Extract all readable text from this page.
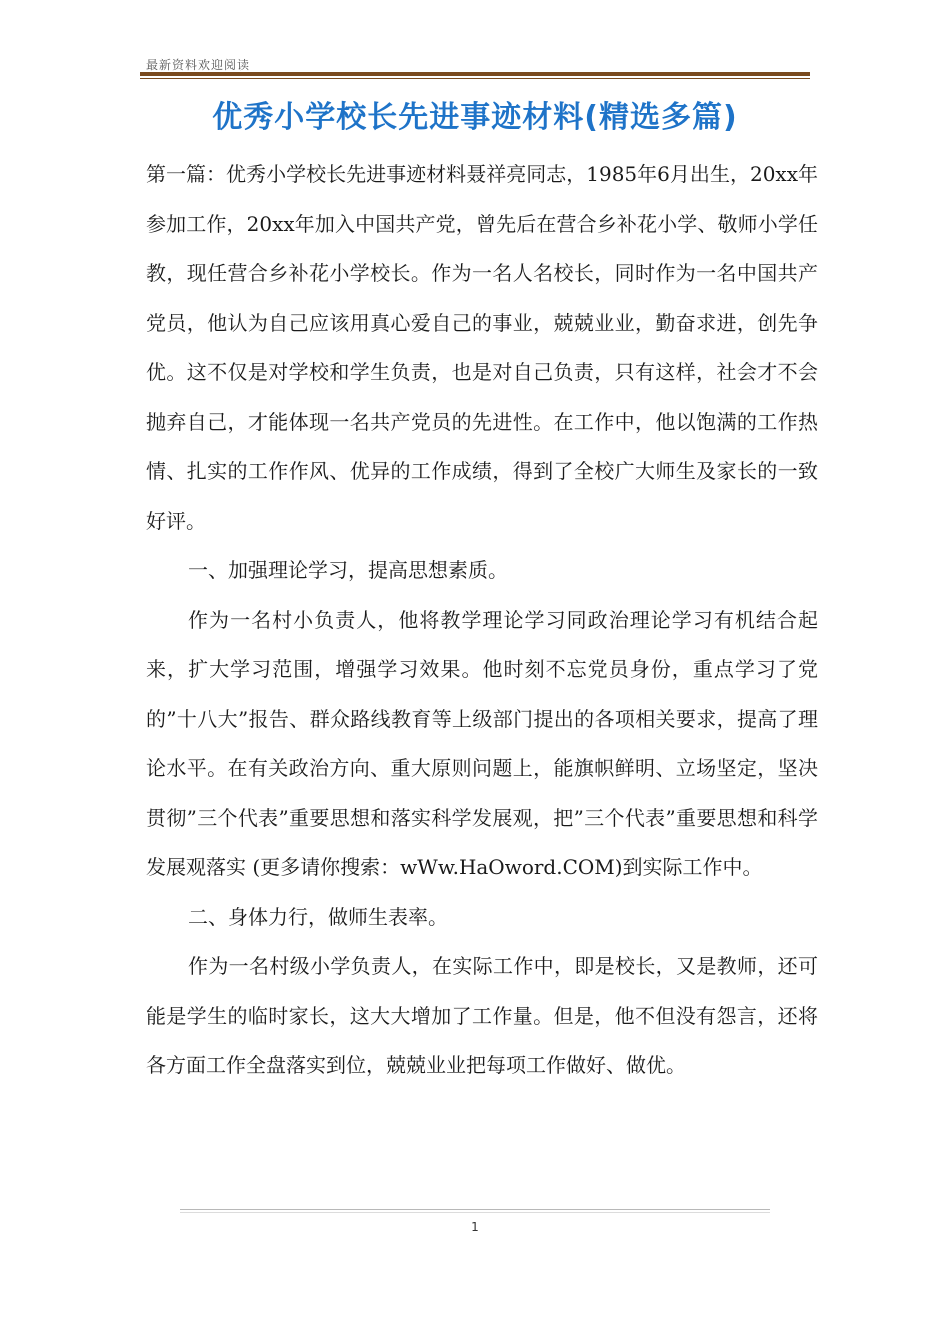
最新资料欢迎阅读
优秀小学校长先进事迹材料(精选多篇)

第一篇：优秀小学校长先进事迹材料聂祥亮同志，1985年6月出生，20xx年参加工作，20xx年加入中国共产党，曾先后在营合乡补花小学、敬师小学任教，现任营合乡补花小学校长。作为一名人名校长，同时作为一名中国共产党员，他认为自己应该用真心爱自己的事业，兢兢业业，勤奋求进，创先争优。这不仅是对学校和学生负责，也是对自己负责，只有这样，社会才不会抛弃自己，才能体现一名共产党员的先进性。在工作中，他以饱满的工作热情、扎实的工作作风、优异的工作成绩，得到了全校广大师生及家长的一致好评。

一、加强理论学习，提高思想素质。

作为一名村小负责人，他将教学理论学习同政治理论学习有机结合起来，扩大学习范围，增强学习效果。他时刻不忘党员身份，重点学习了党的”十八大”报告、群众路线教育等上级部门提出的各项相关要求，提高了理论水平。在有关政治方向、重大原则问题上，能旗帜鲜明、立场坚定，坚决贯彻”三个代表”重要思想和落实科学发展观，把”三个代表”重要思想和科学发展观落实 (更多请你搜索：wWw.HaOword.COM)到实际工作中。

二、身体力行，做师生表率。

作为一名村级小学负责人，在实际工作中，即是校长，又是教师，还可能是学生的临时家长，这大大增加了工作量。但是，他不但没有怨言，还将各方面工作全盘落实到位，兢兢业业把每项工作做好、做优。

1
